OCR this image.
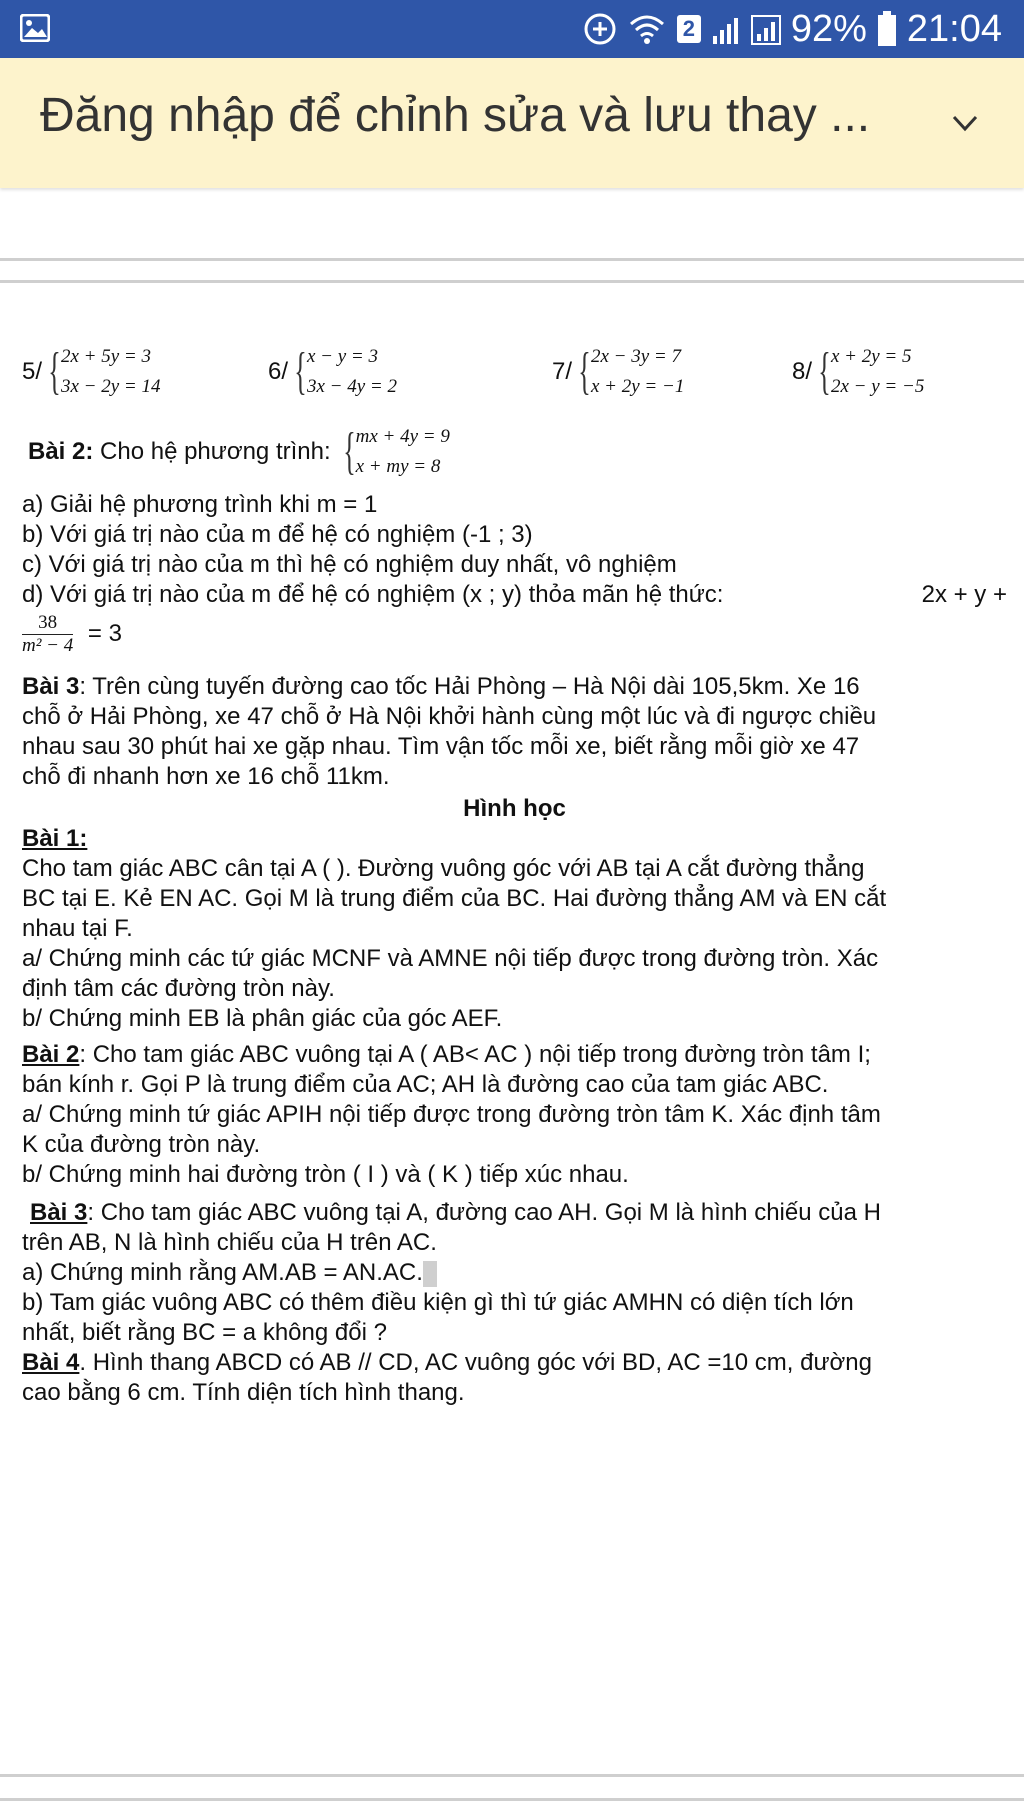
2	92% 21:04
Đăng nhập để chỉnh sửa và lưu thay ...
5/ { 2x + 5y = 3
3x − 2y = 14
6/ { x − y = 3
3x − 4y = 2
7/ { 2x − 3y = 7
x + 2y = −1
8/ { x + 2y = 5
2x − y = −5
Bài 2: Cho hệ phương trình: { mx + 4y = 9
x + my = 8
a) Giải hệ phương trình khi m = 1
b) Với giá trị nào của m để hệ có nghiệm (-1 ; 3)
c) Với giá trị nào của m thì hệ có nghiệm duy nhất, vô nghiệm
d) Với giá trị nào của m để hệ có nghiệm (x ; y) thỏa mãn hệ thức:	2x + y +
$\frac{38}{\text{m² − 4}} = 3$
Bài 3: Trên cùng tuyến đường cao tốc Hải Phòng – Hà Nội dài 105,5km. Xe 16
chỗ ở Hải Phòng, xe 47 chỗ ở Hà Nội khởi hành cùng một lúc và đi ngược chiều
nhau sau 30 phút hai xe gặp nhau. Tìm vận tốc mỗi xe, biết rằng mỗi giờ xe 47
chỗ đi nhanh hơn xe 16 chỗ 11km.
Hình học
Bài 1:
Cho tam giác ABC cân tại A ( ). Đường vuông góc với AB tại A cắt đường thẳng
BC tại E. Kẻ EN AC. Gọi M là trung điểm của BC. Hai đường thẳng AM và EN cắt
nhau tại F.
a/ Chứng minh các tứ giác MCNF và AMNE nội tiếp được trong đường tròn. Xác
định tâm các đường tròn này.
b/ Chứng minh EB là phân giác của góc AEF.
Bài 2: Cho tam giác ABC vuông tại A ( AB< AC ) nội tiếp trong đường tròn tâm I;
bán kính r. Gọi P là trung điểm của AC; AH là đường cao của tam giác ABC.
a/ Chứng minh tứ giác APIH nội tiếp được trong đường tròn tâm K. Xác định tâm
K của đường tròn này.
b/ Chứng minh hai đường tròn ( I ) và ( K ) tiếp xúc nhau.
Bài 3: Cho tam giác ABC vuông tại A, đường cao AH. Gọi M là hình chiếu của H
trên AB, N là hình chiếu của H trên AC.
a) Chứng minh rằng AM.AB = AN.AC.
b) Tam giác vuông ABC có thêm điều kiện gì thì tứ giác AMHN có diện tích lớn
nhất, biết rằng BC = a không đổi ?
Bài 4. Hình thang ABCD có AB // CD, AC vuông góc với BD, AC =10 cm, đường
cao bằng 6 cm. Tính diện tích hình thang.
